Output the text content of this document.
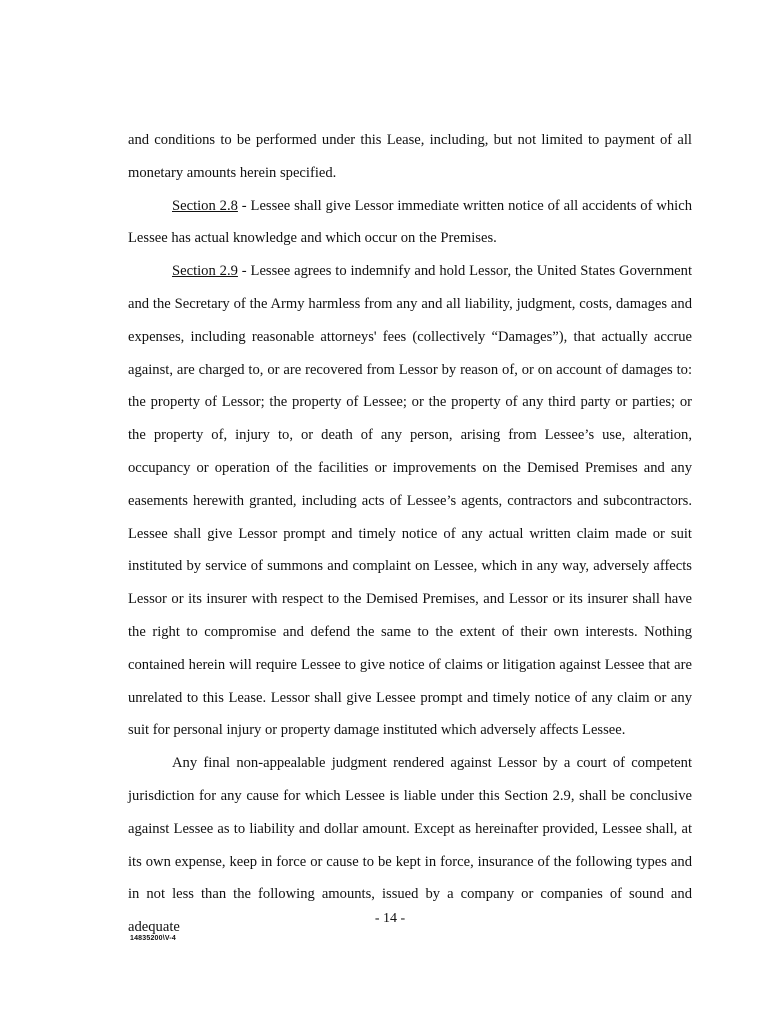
and conditions to be performed under this Lease, including, but not limited to payment of all monetary amounts herein specified.

Section 2.8 - Lessee shall give Lessor immediate written notice of all accidents of which Lessee has actual knowledge and which occur on the Premises.

Section 2.9 - Lessee agrees to indemnify and hold Lessor, the United States Government and the Secretary of the Army harmless from any and all liability, judgment, costs, damages and expenses, including reasonable attorneys' fees (collectively “Damages”), that actually accrue against, are charged to, or are recovered from Lessor by reason of, or on account of damages to: the property of Lessor; the property of Lessee; or the property of any third party or parties; or the property of, injury to, or death of any person, arising from Lessee’s use, alteration, occupancy or operation of the facilities or improvements on the Demised Premises and any easements herewith granted, including acts of Lessee’s agents, contractors and subcontractors. Lessee shall give Lessor prompt and timely notice of any actual written claim made or suit instituted by service of summons and complaint on Lessee, which in any way, adversely affects Lessor or its insurer with respect to the Demised Premises, and Lessor or its insurer shall have the right to compromise and defend the same to the extent of their own interests. Nothing contained herein will require Lessee to give notice of claims or litigation against Lessee that are unrelated to this Lease. Lessor shall give Lessee prompt and timely notice of any claim or any suit for personal injury or property damage instituted which adversely affects Lessee.

Any final non-appealable judgment rendered against Lessor by a court of competent jurisdiction for any cause for which Lessee is liable under this Section 2.9, shall be conclusive against Lessee as to liability and dollar amount. Except as hereinafter provided, Lessee shall, at its own expense, keep in force or cause to be kept in force, insurance of the following types and in not less than the following amounts, issued by a company or companies of sound and adequate

- 14 -
14835200\V-4
